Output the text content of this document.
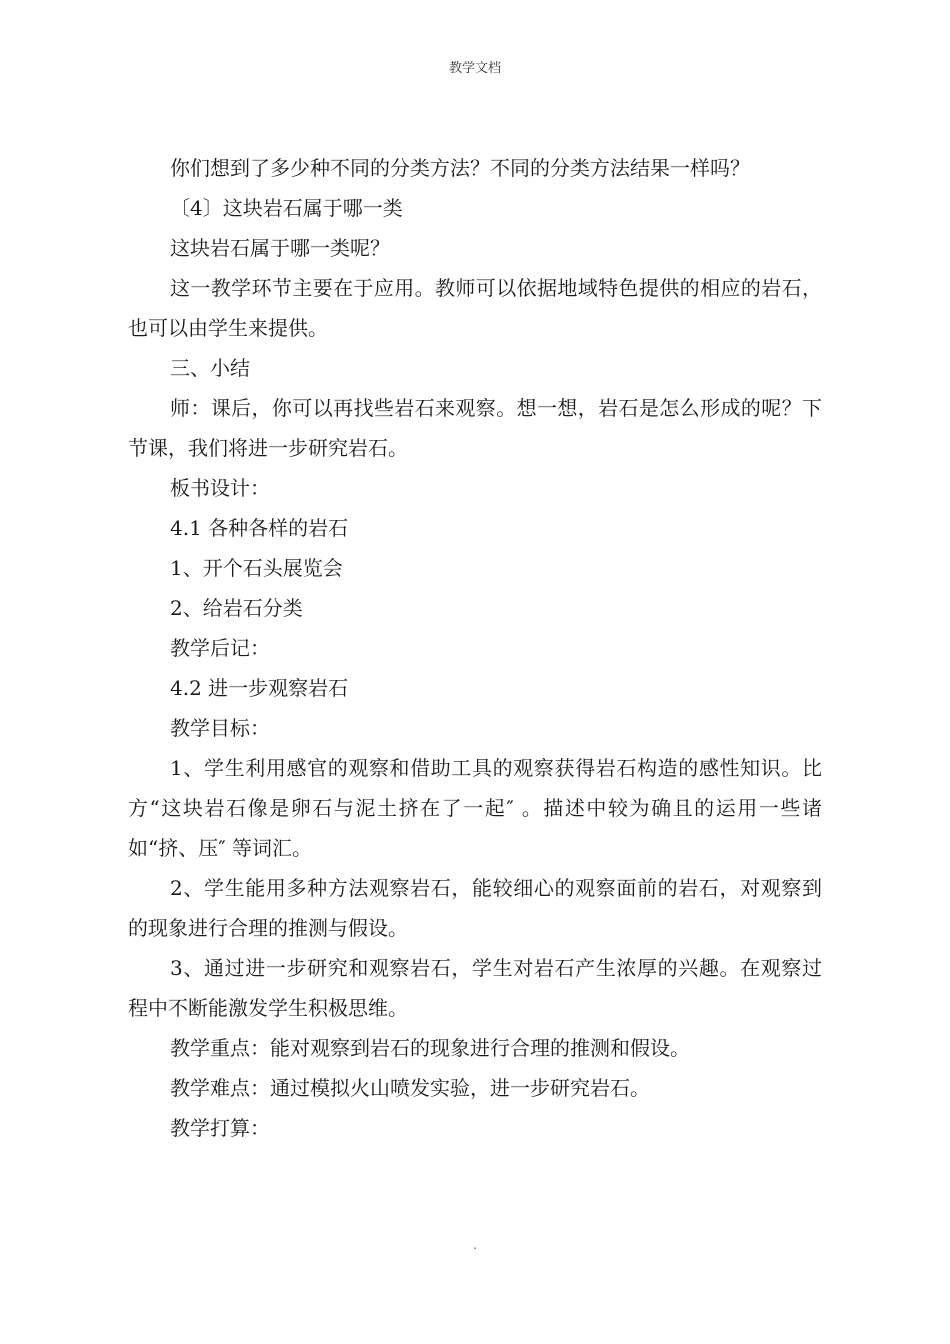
教学文档

你们想到了多少种不同的分类方法？不同的分类方法结果一样吗？

〔4〕这块岩石属于哪一类

这块岩石属于哪一类呢？

这一教学环节主要在于应用。教师可以依据地域特色提供的相应的岩石，也可以由学生来提供。

三、小结

师：课后，你可以再找些岩石来观察。想一想，岩石是怎么形成的呢？下节课，我们将进一步研究岩石。

板书设计：

4.1 各种各样的岩石

1、开个石头展览会

2、给岩石分类

教学后记：

4.2 进一步观察岩石

教学目标：

1、学生利用感官的观察和借助工具的观察获得岩石构造的感性知识。比方“这块岩石像是卵石与泥土挤在了一起″ 。描述中较为确且的运用一些诸如“挤、压″ 等词汇。

2、学生能用多种方法观察岩石，能较细心的观察面前的岩石，对观察到的现象进行合理的推测与假设。

3、通过进一步研究和观察岩石，学生对岩石产生浓厚的兴趣。在观察过程中不断能激发学生积极思维。

教学重点：能对观察到岩石的现象进行合理的推测和假设。

教学难点：通过模拟火山喷发实验，进一步研究岩石。

教学打算：

.
